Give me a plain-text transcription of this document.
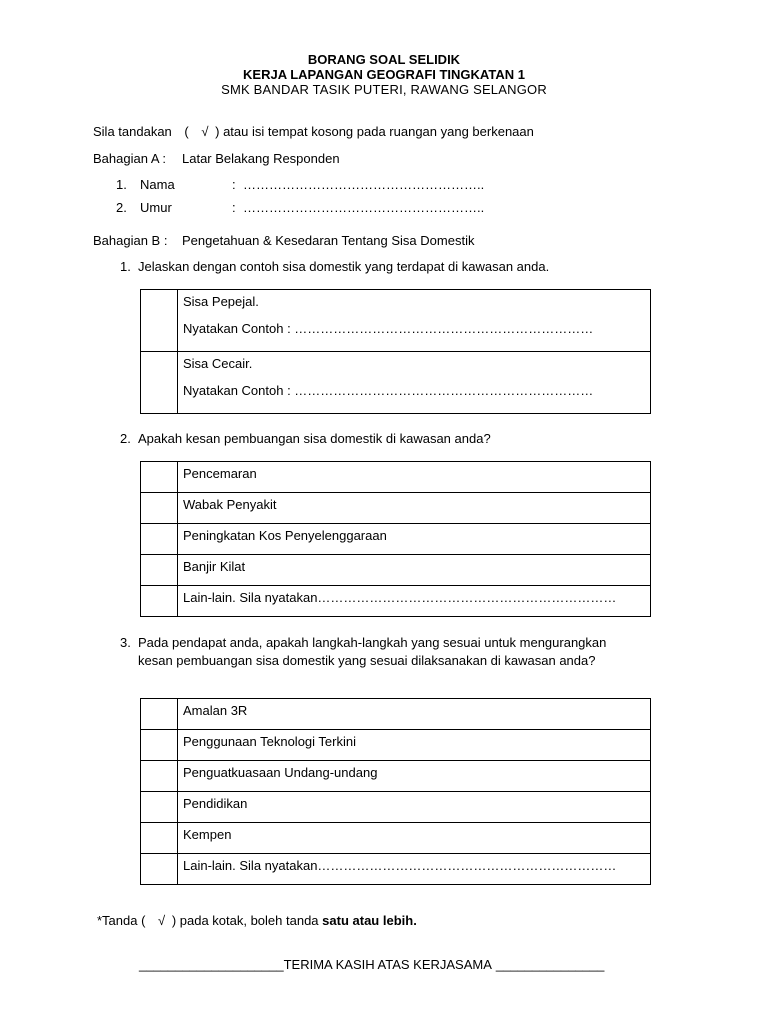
BORANG SOAL SELIDIK
KERJA LAPANGAN GEOGRAFI TINGKATAN 1
SMK BANDAR TASIK PUTERI, RAWANG SELANGOR
Sila tandakan ( √ ) atau isi tempat kosong pada ruangan yang berkenaan
Bahagian A : Latar Belakang Responden
1. Nama	: ………………………………………………..
2. Umur	: ………………………………………………..
Bahagian B : Pengetahuan & Kesedaran Tentang Sisa Domestik
1. Jelaskan dengan contoh sisa domestik yang terdapat di kawasan anda.

	Sisa Pepejal.
Nyatakan Contoh : ……………………………………………………………

	Sisa Cecair.
Nyatakan Contoh : ……………………………………………………………
2. Apakah kesan pembuangan sisa domestik di kawasan anda?
	Pencemaran
	Wabak Penyakit
	Peningkatan Kos Penyelenggaraan
	Banjir Kilat
	Lain-lain. Sila nyatakan……………………………………………………………
3. Pada pendapat anda, apakah langkah-langkah yang sesuai untuk mengurangkan
kesan pembuangan sisa domestik yang sesuai dilaksanakan di kawasan anda?
	Amalan 3R
	Penggunaan Teknologi Terkini
	Penguatkuasaan Undang-undang
	Pendidikan
	Kempen
	Lain-lain. Sila nyatakan……………………………………………………………
*Tanda ( √ ) pada kotak, boleh tanda satu atau lebih.
____________________TERIMA KASIH ATAS KERJASAMA _______________
